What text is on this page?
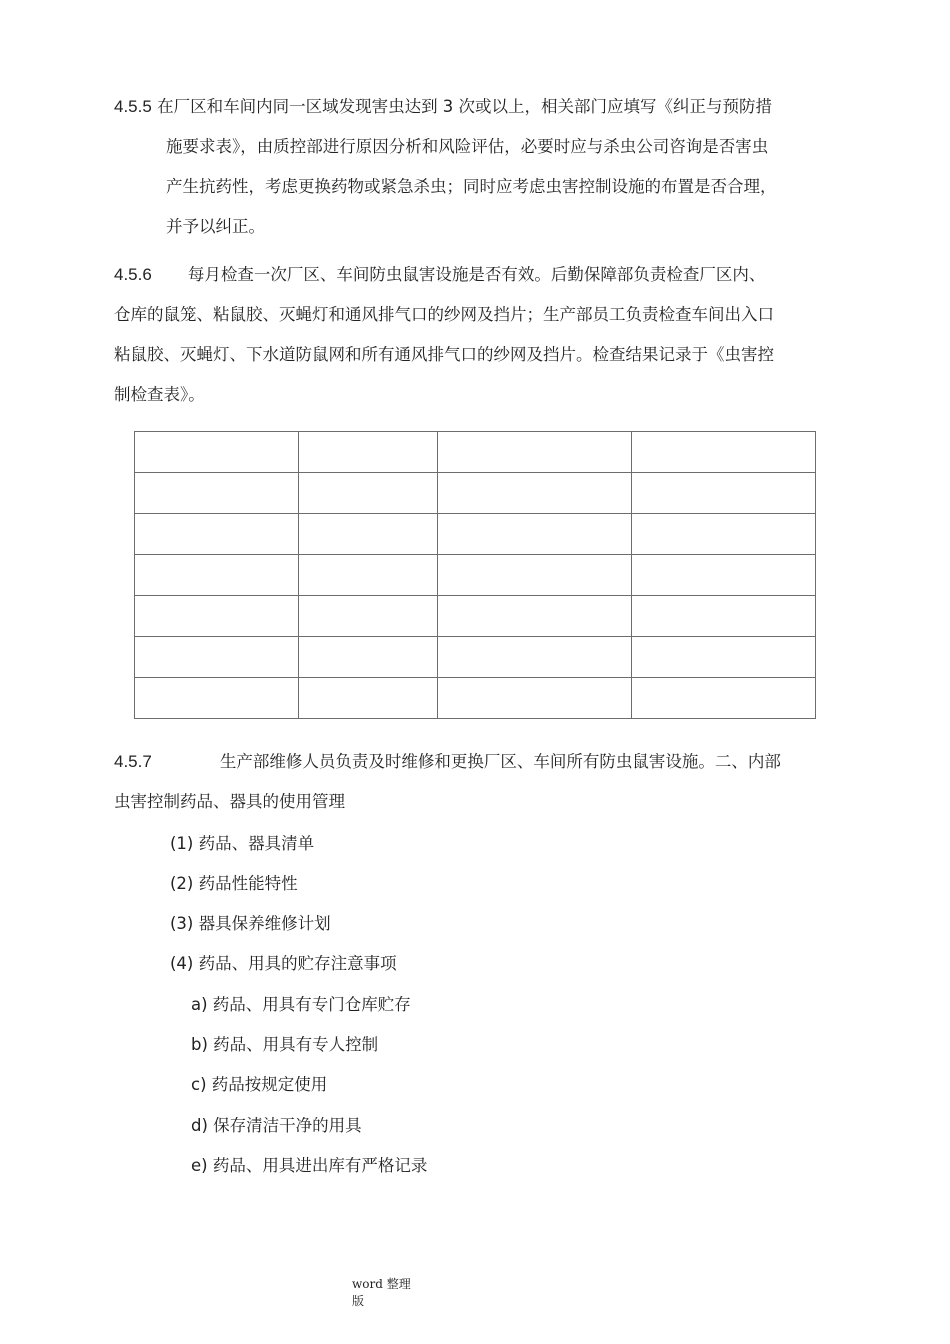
4.5.5 在厂区和车间内同一区域发现害虫达到 3 次或以上，相关部门应填写《纠正与预防措
施要求表》，由质控部进行原因分析和风险评估，必要时应与杀虫公司咨询是否害虫
产生抗药性，考虑更换药物或紧急杀虫；同时应考虑虫害控制设施的布置是否合理，
并予以纠正。
4.5.6 每月检查一次厂区、车间防虫鼠害设施是否有效。后勤保障部负责检查厂区内、
仓库的鼠笼、粘鼠胶、灭蝇灯和通风排气口的纱网及挡片；生产部员工负责检查车间出入口
粘鼠胶、灭蝇灯、下水道防鼠网和所有通风排气口的纱网及挡片。检查结果记录于《虫害控
制检查表》。

4.5.7	生产部维修人员负责及时维修和更换厂区、车间所有防虫鼠害设施。二、内部
虫害控制药品、器具的使用管理
(1) 药品、器具清单
(2) 药品性能特性
(3) 器具保养维修计划
(4) 药品、用具的贮存注意事项
a) 药品、用具有专门仓库贮存
b) 药品、用具有专人控制
c) 药品按规定使用
d) 保存清洁干净的用具
e) 药品、用具进出库有严格记录
word 整理
版
